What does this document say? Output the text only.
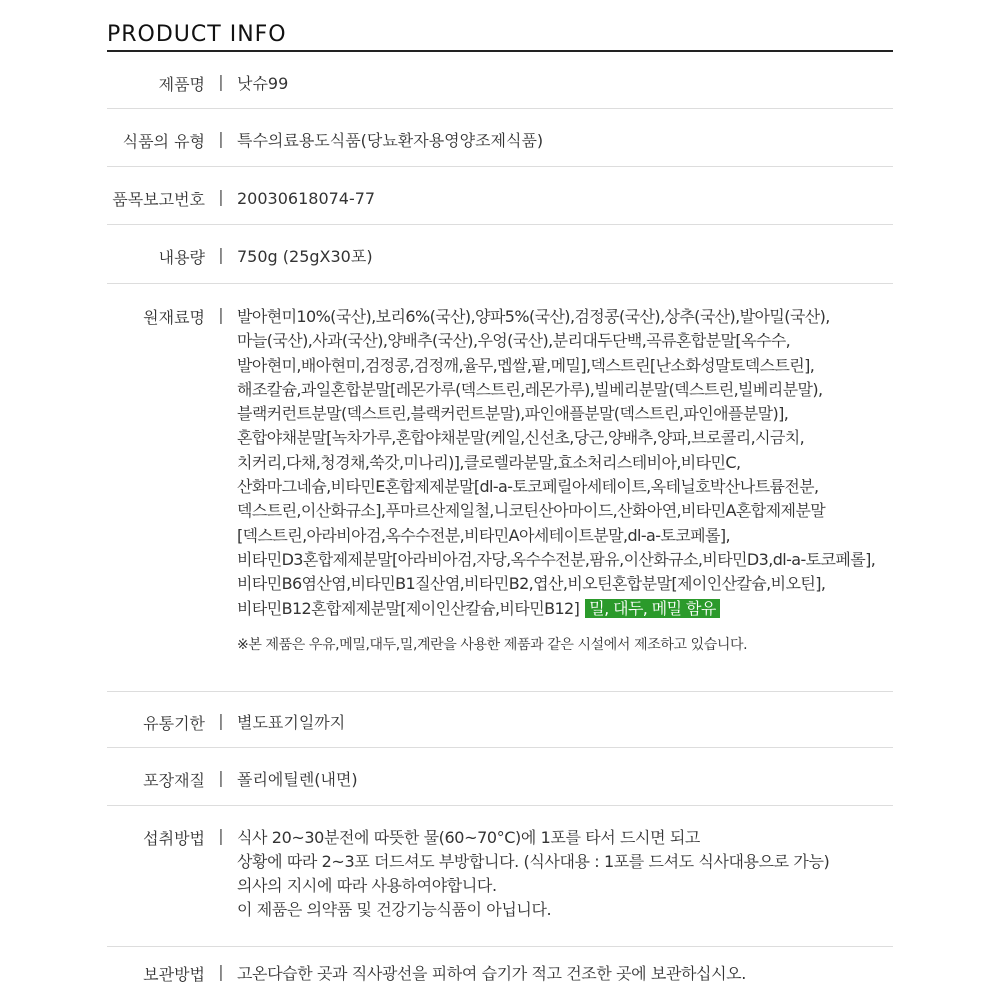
PRODUCT INFO
제품명 | 낫슈99
식품의 유형 | 특수의료용도식품(당뇨환자용영양조제식품)
품목보고번호 | 20030618074-77
내용량 | 750g (25gX30포)
원재료명 | 발아현미10%(국산),보리6%(국산),양파5%(국산),검정콩(국산),상추(국산),발아밀(국산),
마늘(국산),사과(국산),양배추(국산),우엉(국산),분리대두단백,곡류혼합분말[옥수수,
발아현미,배아현미,검정콩,검정깨,율무,멥쌀,팥,메밀],덱스트린[난소화성말토덱스트린],
해조칼슘,과일혼합분말[레몬가루(덱스트린,레몬가루),빌베리분말(덱스트린,빌베리분말),
블랙커런트분말(덱스트린,블랙커런트분말),파인애플분말(덱스트린,파인애플분말)],
혼합야채분말[녹차가루,혼합야채분말(케일,신선초,당근,양배추,양파,브로콜리,시금치,
치커리,다채,청경채,쑥갓,미나리)],클로렐라분말,효소처리스테비아,비타민C,
산화마그네슘,비타민E혼합제제분말[dl-a-토코페릴아세테이트,옥테닐호박산나트륨전분,
덱스트린,이산화규소],푸마르산제일철,니코틴산아마이드,산화아연,비타민A혼합제제분말
[덱스트린,아라비아검,옥수수전분,비타민A아세테이트분말,dl-a-토코페롤],
비타민D3혼합제제분말[아라비아검,자당,옥수수전분,팜유,이산화규소,비타민D3,dl-a-토코페롤],
비타민B6염산염,비타민B1질산염,비타민B2,엽산,비오틴혼합분말[제이인산칼슘,비오틴],
비타민B12혼합제제분말[제이인산칼슘,비타민B12] 밀, 대두, 메밀 함유
※본 제품은 우유,메밀,대두,밀,계란을 사용한 제품과 같은 시설에서 제조하고 있습니다.
유통기한 | 별도표기일까지
포장재질 | 폴리에틸렌(내면)
섭취방법 | 식사 20~30분전에 따뜻한 물(60~70°C)에 1포를 타서 드시면 되고
상황에 따라 2~3포 더드셔도 부방합니다. (식사대용 : 1포를 드셔도 식사대용으로 가능)
의사의 지시에 따라 사용하여야합니다.
이 제품은 의약품 및 건강기능식품이 아닙니다.
보관방법 | 고온다습한 곳과 직사광선을 피하여 습기가 적고 건조한 곳에 보관하십시오.
